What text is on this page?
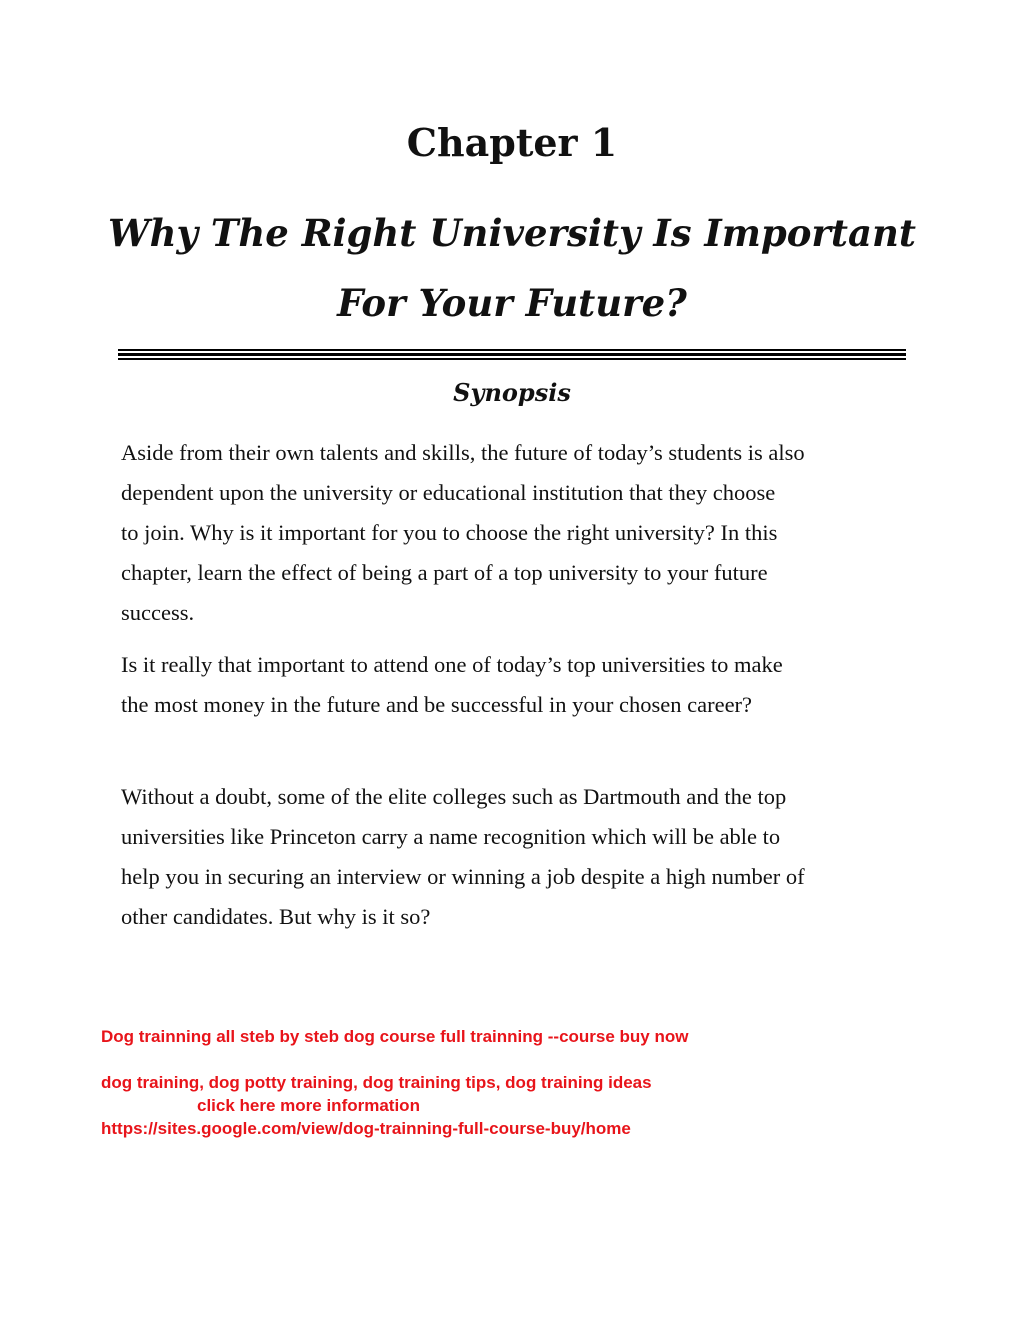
Chapter 1
Why The Right University Is Important
For Your Future?
Synopsis

Aside from their own talents and skills, the future of today’s students is also
dependent upon the university or educational institution that they choose
to join. Why is it important for you to choose the right university? In this
chapter, learn the effect of being a part of a top university to your future
success.

Is it really that important to attend one of today’s top universities to make
the most money in the future and be successful in your chosen career?

Without a doubt, some of the elite colleges such as Dartmouth and the top
universities like Princeton carry a name recognition which will be able to
help you in securing an interview or winning a job despite a high number of
other candidates. But why is it so?

Dog trainning all steb by steb dog course full trainning --course buy now

dog training, dog potty training, dog training tips, dog training ideas

click here more information

https://sites.google.com/view/dog-trainning-full-course-buy/home
